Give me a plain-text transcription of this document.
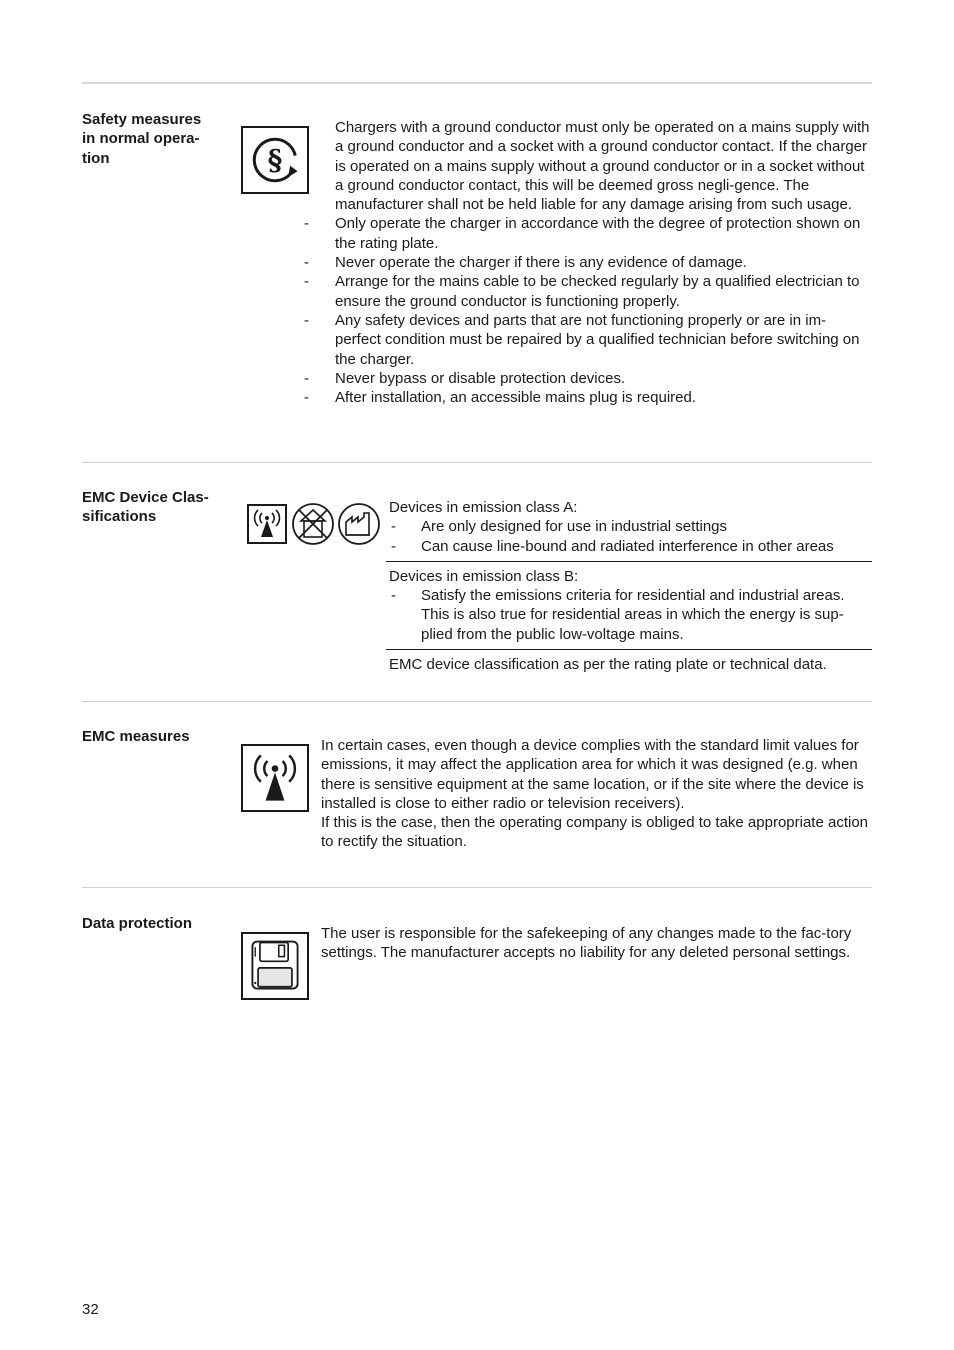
Safety measures
in normal opera-
tion	§

Chargers with a ground conductor must only be operated on a mains supply with a ground conductor and a socket with a ground conductor contact. If the charger is operated on a mains supply without a ground conductor or in a socket without a ground conductor contact, this will be deemed gross negli-gence. The manufacturer shall not be held liable for any damage arising from such usage.

- Only operate the charger in accordance with the degree of protection shown on the rating plate.
- Never operate the charger if there is any evidence of damage.
- Arrange for the mains cable to be checked regularly by a qualified electrician to ensure the ground conductor is functioning properly.
- Any safety devices and parts that are not functioning properly or are in im-perfect condition must be repaired by a qualified technician before switching on the charger.
- Never bypass or disable protection devices.
- After installation, an accessible mains plug is required.
EMC Device Clas-
sifications

Devices in emission class A:

- Are only designed for use in industrial settings
- Can cause line-bound and radiated interference in other areas

Devices in emission class B:

- Satisfy the emissions criteria for residential and industrial areas. This is also true for residential areas in which the energy is sup-plied from the public low-voltage mains.

EMC device classification as per the rating plate or technical data.

EMC measures

In certain cases, even though a device complies with the standard limit values for emissions, it may affect the application area for which it was designed (e.g. when there is sensitive equipment at the same location, or if the site where the device is installed is close to either radio or television receivers).

If this is the case, then the operating company is obliged to take appropriate action to rectify the situation.

Data protection

The user is responsible for the safekeeping of any changes made to the fac-tory settings. The manufacturer accepts no liability for any deleted personal settings.

32
